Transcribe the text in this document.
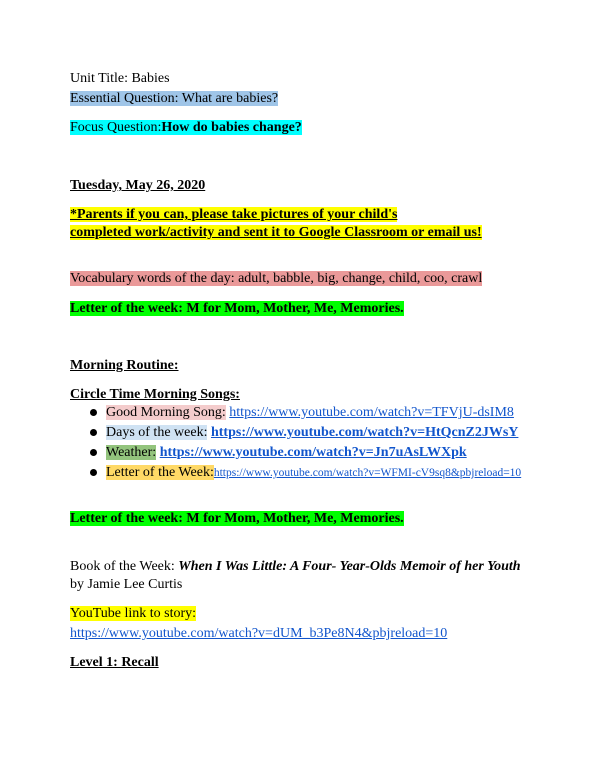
Unit Title: Babies
Essential Question: What are babies?
Focus Question:How do babies change?
Tuesday, May 26, 2020
*Parents if you can, please take pictures of your child's
completed work/activity and sent it to Google Classroom or email us!
Vocabulary words of the day: adult, babble, big, change, child, coo, crawl
Letter of the week: M for Mom, Mother, Me, Memories.
Morning Routine:
Circle Time Morning Songs:
Good Morning Song: https://www.youtube.com/watch?v=TFVjU-dsIM8
Days of the week: https://www.youtube.com/watch?v=HtQcnZ2JWsY
Weather: https://www.youtube.com/watch?v=Jn7uAsLWXpk
Letter of the Week:https://www.youtube.com/watch?v=WFMI-cV9sq8&pbjreload=10
Letter of the week: M for Mom, Mother, Me, Memories.
Book of the Week: When I Was Little: A Four- Year-Olds Memoir of her Youth
by Jamie Lee Curtis
YouTube link to story:
https://www.youtube.com/watch?v=dUM_b3Pe8N4&pbjreload=10
Level 1: Recall
